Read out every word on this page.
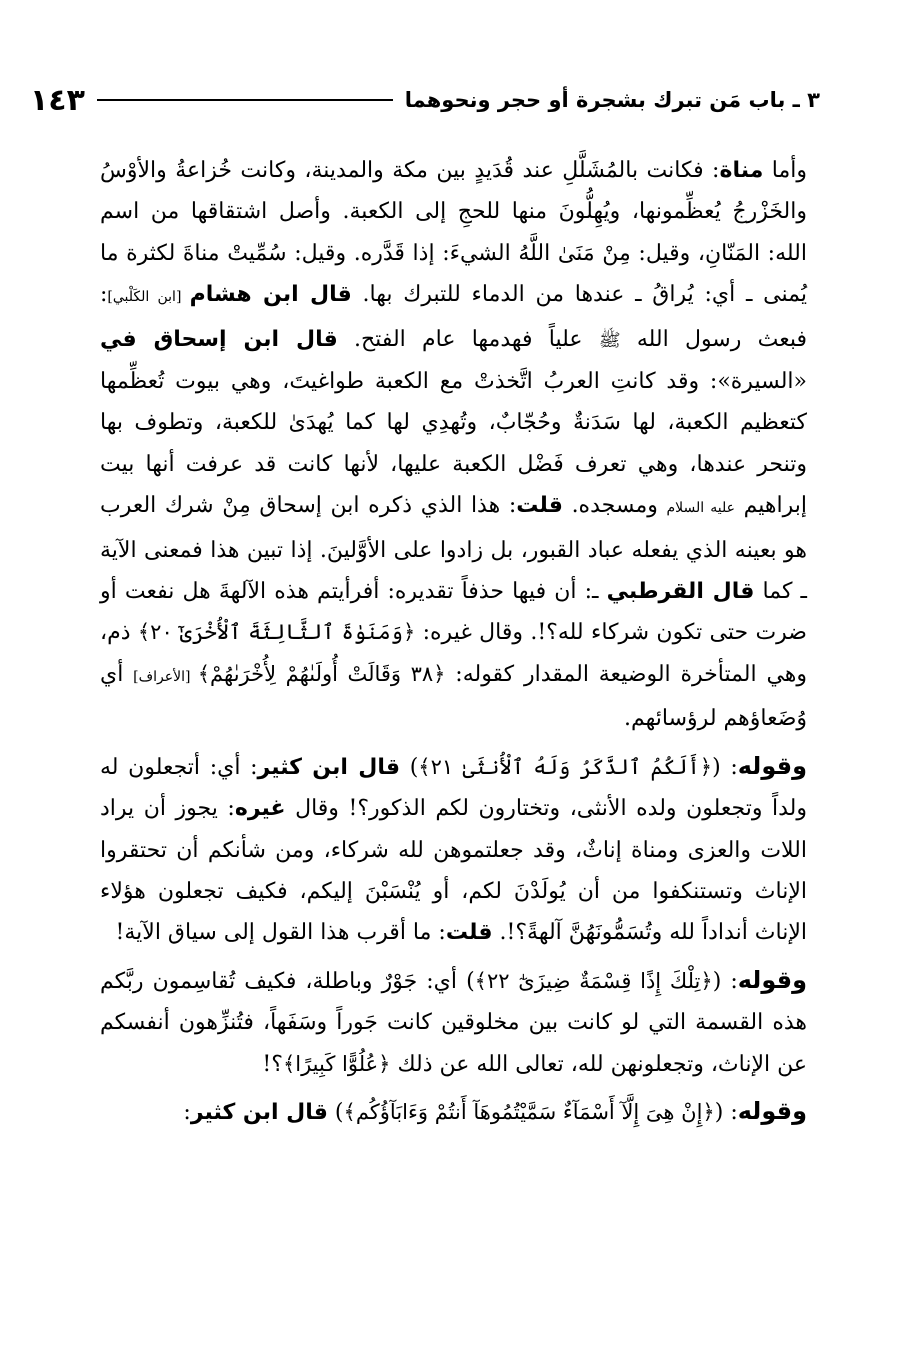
١٤٣	٣ ـ باب مَن تبرك بشجرة أو حجر ونحوهما

وأما مناة: فكانت بالمُشَلَّلِ عند قُدَيدٍ بين مكة والمدينة، وكانت خُزاعةُ والأوْسُ والخَزْرجُ يُعظِّمونها، ويُهِلُّونَ منها للحجِ إلى الكعبة. وأصل اشتقاقها من اسم الله: المَنّانِ، وقيل: مِنْ مَنَىٰ اللَّهُ الشيءَ: إذا قَدَّره. وقيل: سُمِّيتْ مناةَ لكثرة ما يُمنى ـ أي: يُراقُ ـ عندها من الدماء للتبرك بها. قال ابن هشام [ابن الكَلْبي]: فبعث رسول الله ﷺ علياً فهدمها عام الفتح. قال ابن إسحاق في «السيرة»: وقد كانتِ العربُ اتَّخذتْ مع الكعبة طواغيتَ، وهي بيوت تُعظِّمها كتعظيم الكعبة، لها سَدَنةٌ وحُجّابٌ، وتُهدِي لها كما يُهدَىٰ للكعبة، وتطوف بها وتنحر عندها، وهي تعرف فَضْل الكعبة عليها، لأنها كانت قد عرفت أنها بيت إبراهيم عليه السلام ومسجده. قلت: هذا الذي ذكره ابن إسحاق مِنْ شرك العرب هو بعينه الذي يفعله عباد القبور، بل زادوا على الأوَّلينَ. إذا تبين هذا فمعنى الآية ـ كما قال القرطبي ـ: أن فيها حذفاً تقديره: أفرأيتم هذه الآلهةَ هل نفعت أو ضرت حتى تكون شركاء لله؟!. وقال غيره: ﴿وَمَنَوٰةَ ٱلثَّالِثَةَ ٱلْأُخْرَىٰٓ ٢٠﴾ ذم، وهي المتأخرة الوضيعة المقدار كقوله: ﴿٣٨ وَقَالَتْ أُولَىٰهُمْ لِأُخْرَىٰهُمْ﴾ [الأعراف] أي وُضَعاؤهم لرؤسائهم.

وقوله: (﴿أَلَكُمُ ٱلذَّكَرُ وَلَهُ ٱلْأُنثَىٰ ٢١﴾) قال ابن كثير: أي: أتجعلون له ولداً وتجعلون ولده الأنثى، وتختارون لكم الذكور؟! وقال غيره: يجوز أن يراد اللات والعزى ومناة إناثٌ، وقد جعلتموهن لله شركاء، ومن شأنكم أن تحتقروا الإناث وتستنكفوا من أن يُولَدْنَ لكم، أو يُنْسَبْنَ إليكم، فكيف تجعلون هؤلاء الإناث أنداداً لله وتُسَمُّونَهُنَّ آلهةً؟!. قلت: ما أقرب هذا القول إلى سياق الآية!

وقوله: (﴿تِلْكَ إِذًا قِسْمَةٌ ضِيزَىٰٓ ٢٢﴾) أي: جَوْرٌ وباطلة، فكيف تُقاسِمون ربَّكم هذه القسمة التي لو كانت بين مخلوقين كانت جَوراً وسَفَهاً، فتُنزِّهون أنفسكم عن الإناث، وتجعلونهن لله، تعالى الله عن ذلك ﴿عُلُوًّا كَبِيرًا﴾؟!

وقوله: (﴿إِنْ هِىَ إِلَّآ أَسْمَآءٌ سَمَّيْتُمُوهَآ أَنتُمْ وَءَابَآؤُكُم﴾) قال ابن كثير:
